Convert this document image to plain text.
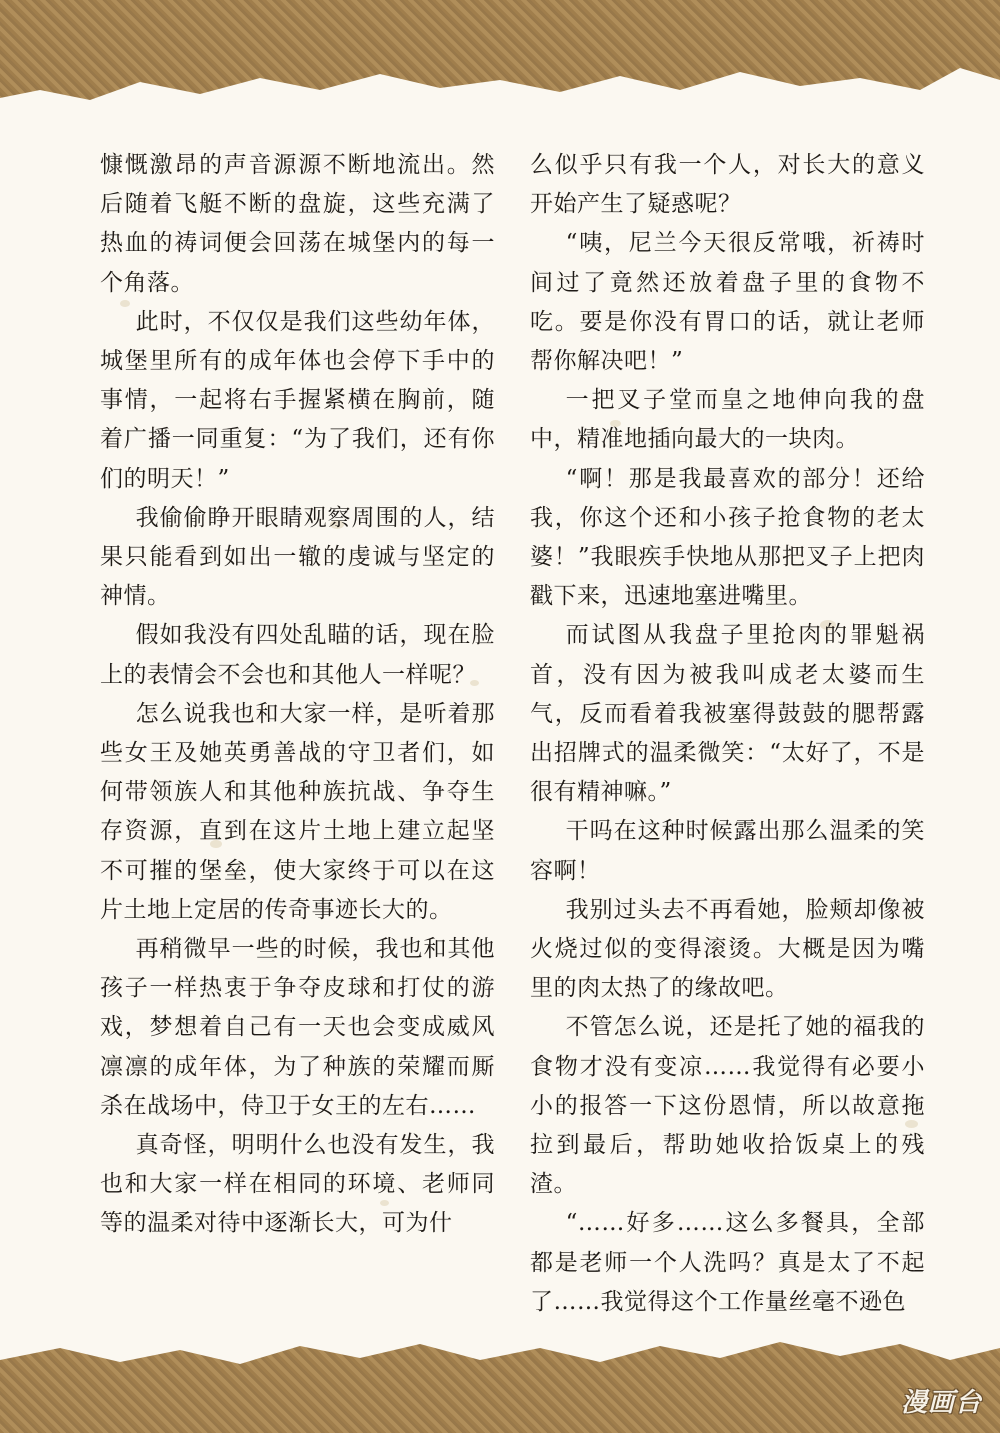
慷慨激昂的声音源源不断地流出。然后随着飞艇不断的盘旋，这些充满了热血的祷词便会回荡在城堡内的每一个角落。

此时，不仅仅是我们这些幼年体，城堡里所有的成年体也会停下手中的事情，一起将右手握紧横在胸前，随着广播一同重复：“为了我们，还有你们的明天！”

我偷偷睁开眼睛观察周围的人，结果只能看到如出一辙的虔诚与坚定的神情。

假如我没有四处乱瞄的话，现在脸上的表情会不会也和其他人一样呢？

怎么说我也和大家一样，是听着那些女王及她英勇善战的守卫者们，如何带领族人和其他种族抗战、争夺生存资源，直到在这片土地上建立起坚不可摧的堡垒，使大家终于可以在这片土地上定居的传奇事迹长大的。

再稍微早一些的时候，我也和其他孩子一样热衷于争夺皮球和打仗的游戏，梦想着自己有一天也会变成威风凛凛的成年体，为了种族的荣耀而厮杀在战场中，侍卫于女王的左右……

真奇怪，明明什么也没有发生，我也和大家一样在相同的环境、老师同等的温柔对待中逐渐长大，可为什

么似乎只有我一个人，对长大的意义开始产生了疑惑呢？

“咦，尼兰今天很反常哦，祈祷时间过了竟然还放着盘子里的食物不吃。要是你没有胃口的话，就让老师帮你解决吧！”

一把叉子堂而皇之地伸向我的盘中，精准地插向最大的一块肉。

“啊！那是我最喜欢的部分！还给我，你这个还和小孩子抢食物的老太婆！”我眼疾手快地从那把叉子上把肉戳下来，迅速地塞进嘴里。

而试图从我盘子里抢肉的罪魁祸首，没有因为被我叫成老太婆而生气，反而看着我被塞得鼓鼓的腮帮露出招牌式的温柔微笑：“太好了，不是很有精神嘛。”

干吗在这种时候露出那么温柔的笑容啊！

我别过头去不再看她，脸颊却像被火烧过似的变得滚烫。大概是因为嘴里的肉太热了的缘故吧。

不管怎么说，还是托了她的福我的食物才没有变凉……我觉得有必要小小的报答一下这份恩情，所以故意拖拉到最后，帮助她收拾饭桌上的残渣。

“……好多……这么多餐具，全部都是老师一个人洗吗？真是太了不起了……我觉得这个工作量丝毫不逊色

漫画台
